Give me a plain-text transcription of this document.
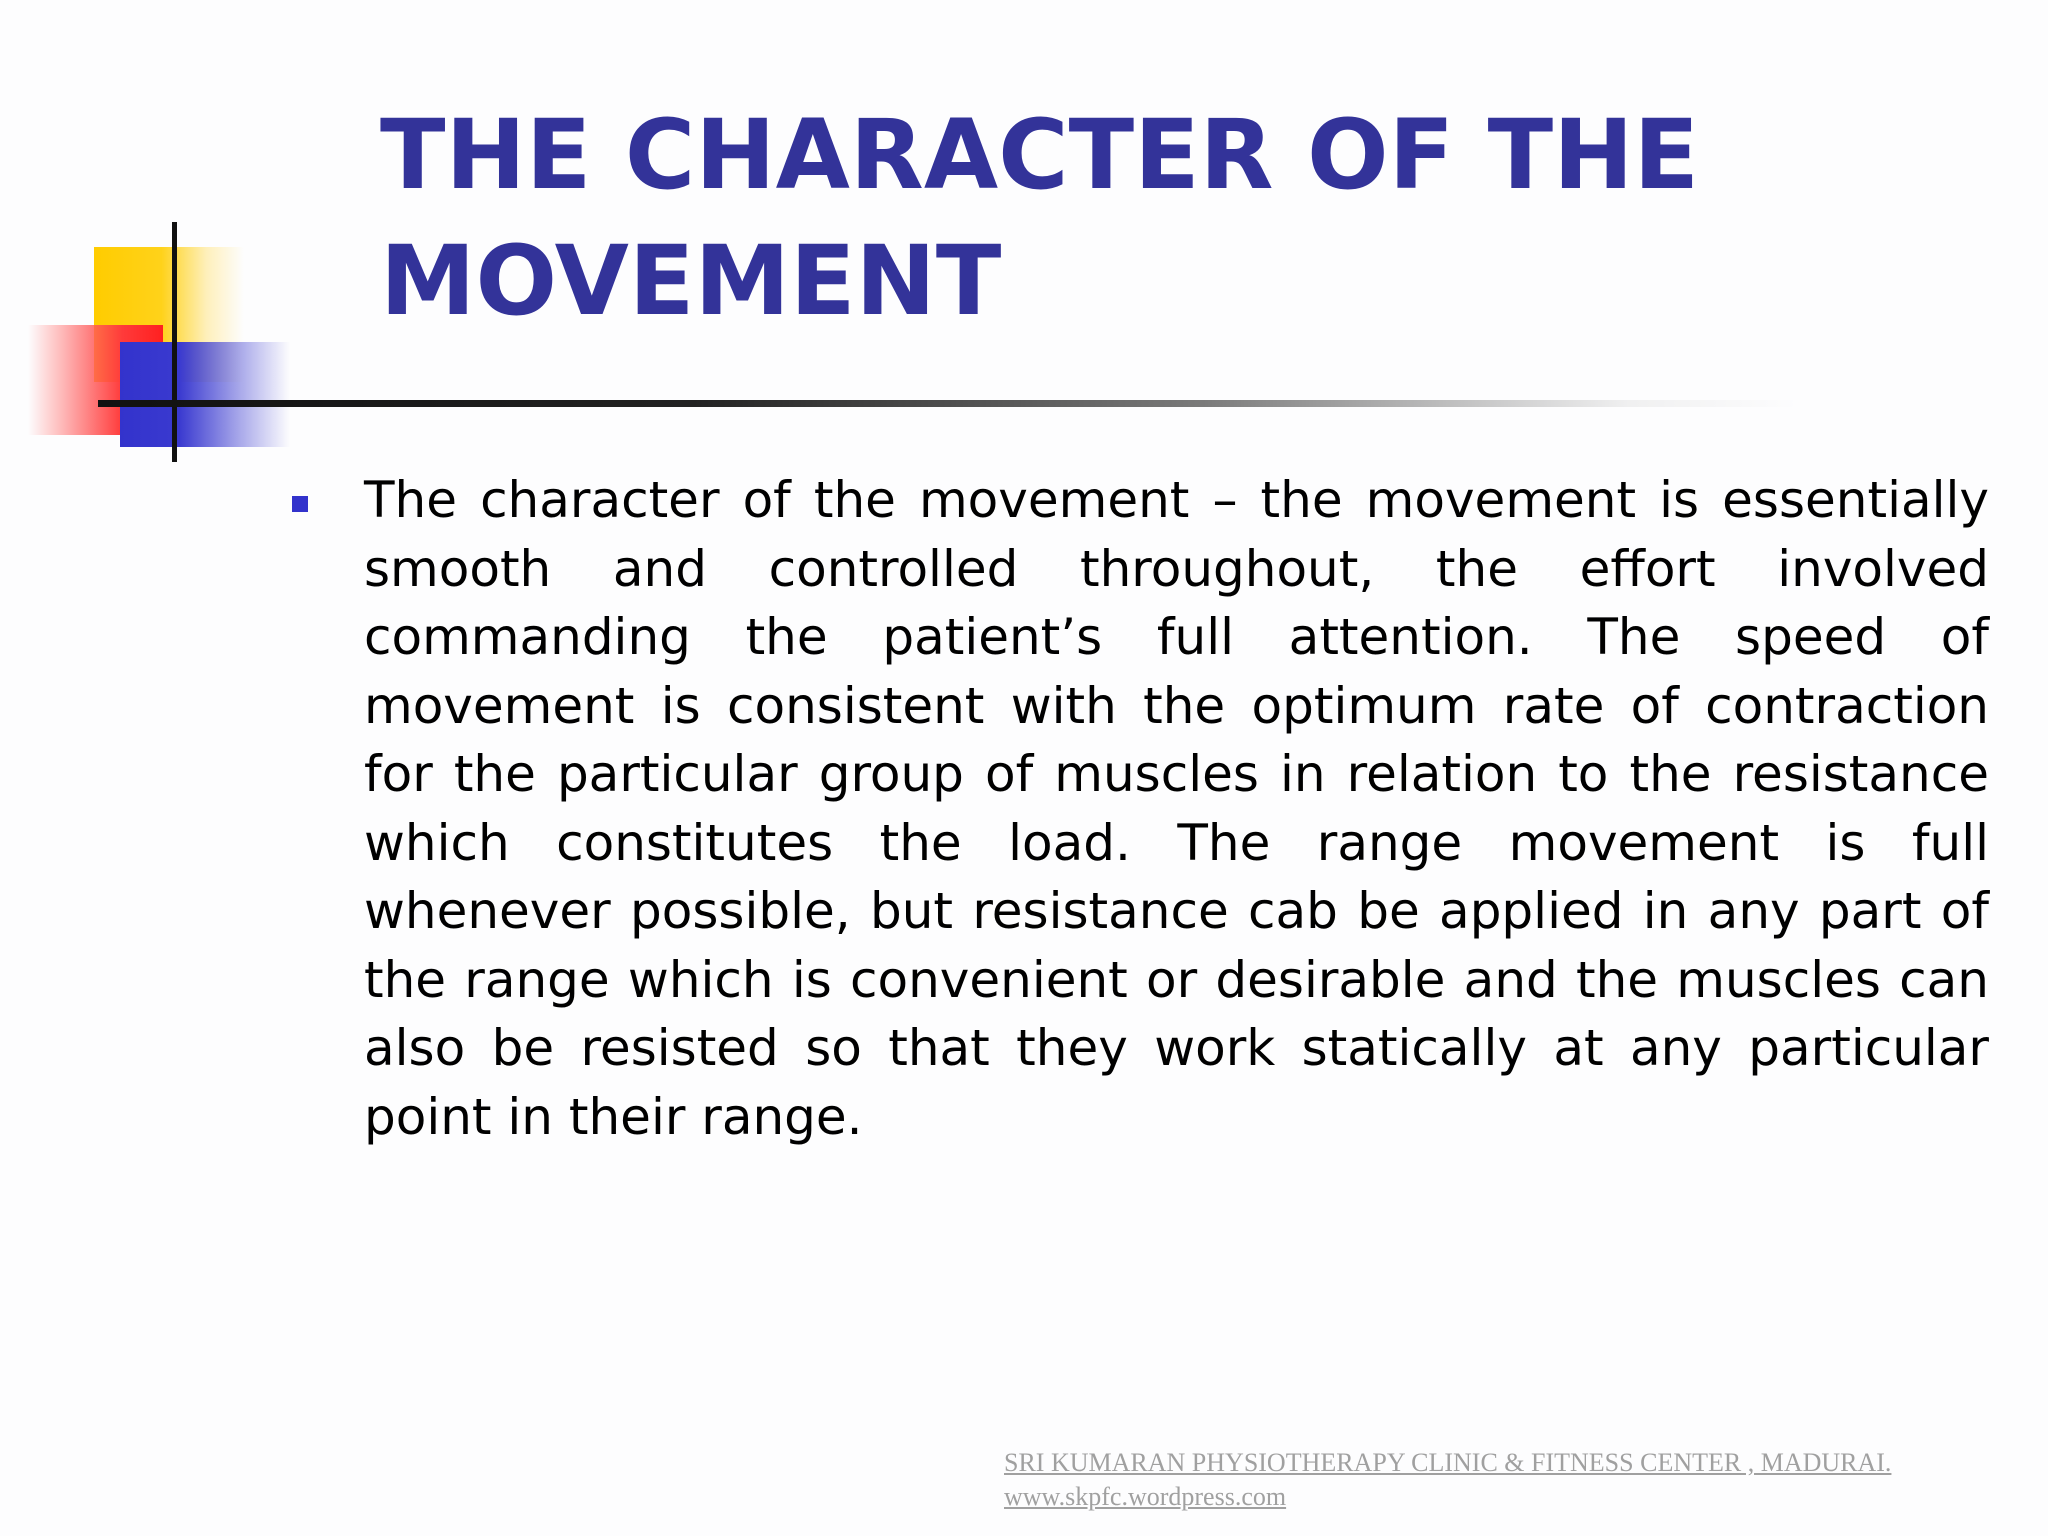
THE CHARACTER OF THE MOVEMENT

The character of the movement – the movement is essentially smooth and controlled throughout, the effort involved commanding the patient’s full attention. The speed of movement is consistent with the optimum rate of contraction for the particular group of muscles in relation to the resistance which constitutes the load. The range movement is full whenever possible, but resistance cab be applied in any part of the range which is convenient or desirable and the muscles can also be resisted so that they work statically at any particular point in their range.

SRI KUMARAN PHYSIOTHERAPY CLINIC & FITNESS CENTER , MADURAI.
www.skpfc.wordpress.com
